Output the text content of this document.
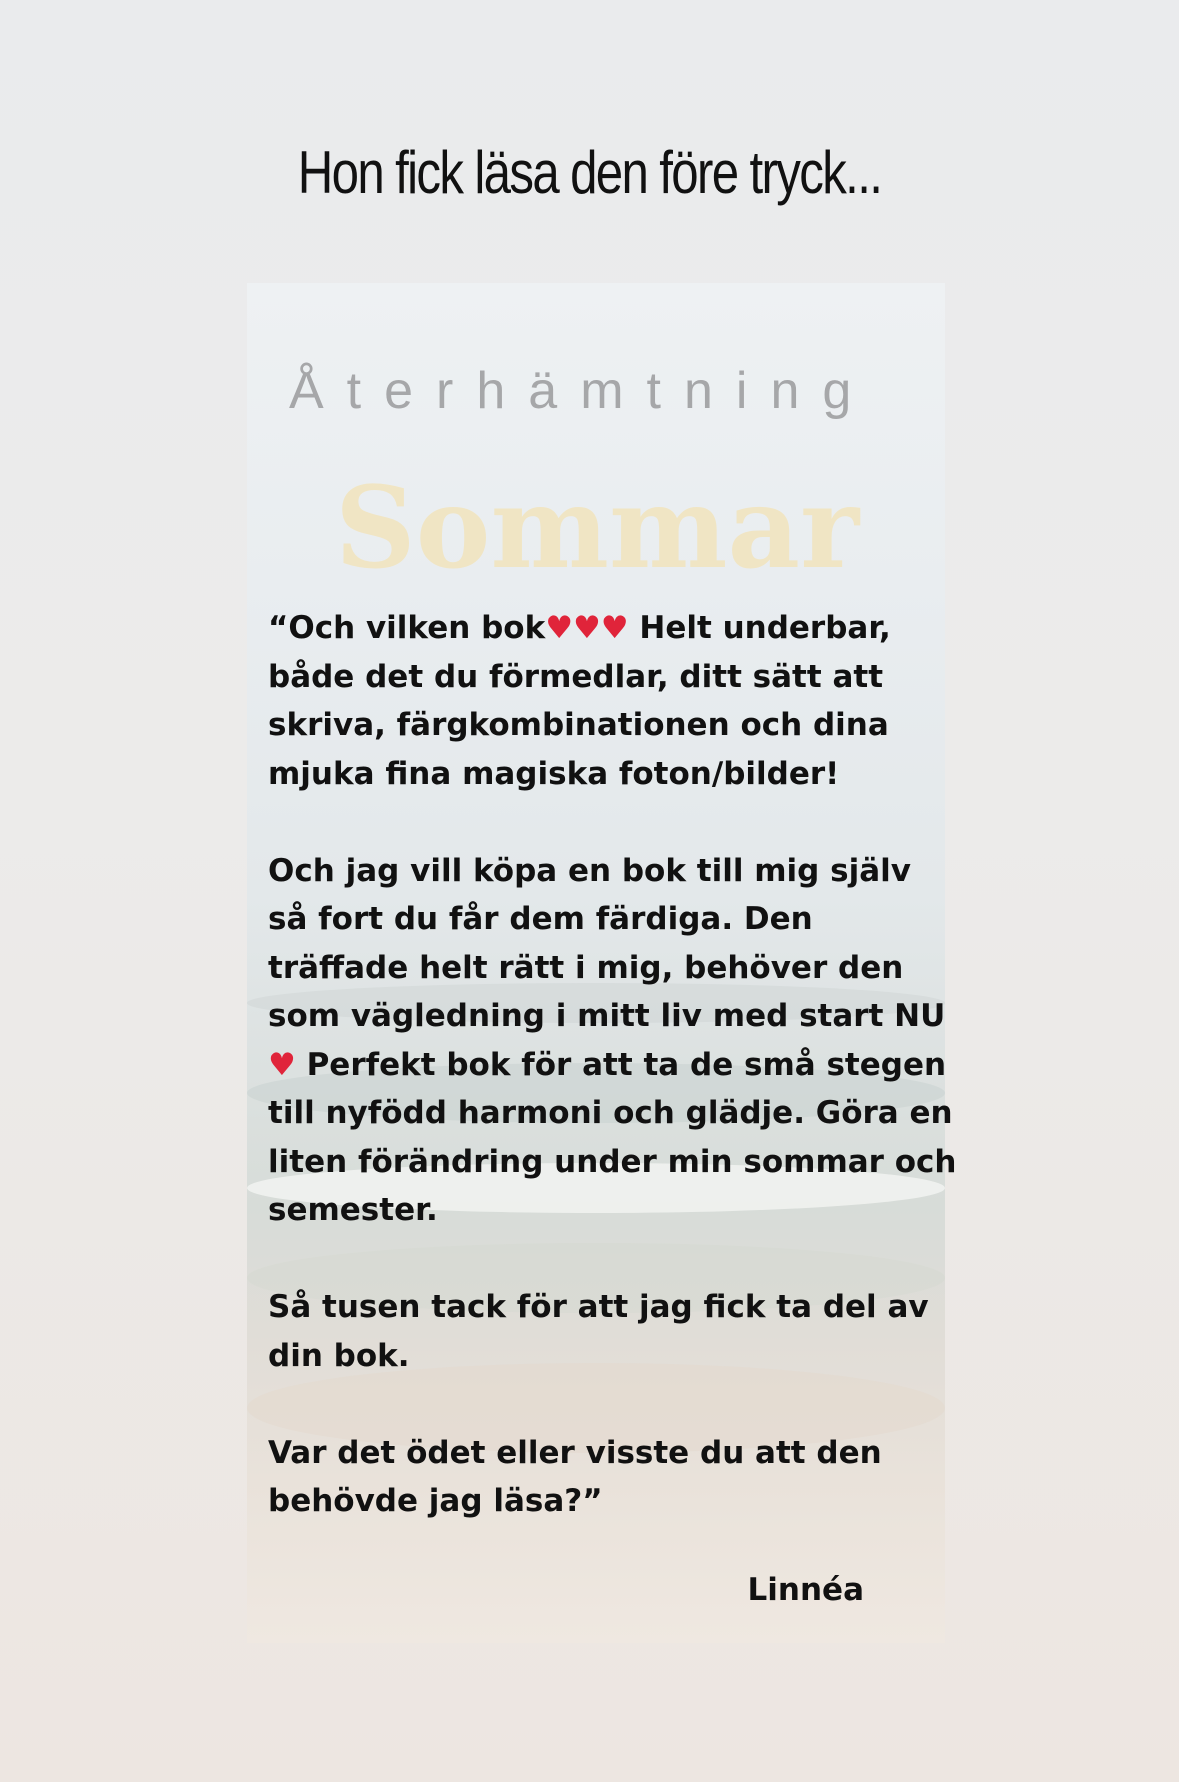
Hon fick läsa den före tryck...
Återhämtning
Sommar

“Och vilken bok♥♥♥ Helt underbar, både det du förmedlar, ditt sätt att skriva, färgkombinationen och dina mjuka fina magiska foton/bilder!

Och jag vill köpa en bok till mig själv så fort du får dem färdiga. Den träffade helt rätt i mig, behöver den som vägledning i mitt liv med start NU ♥ Perfekt bok för att ta de små stegen till nyfödd harmoni och glädje. Göra en liten förändring under min sommar och semester.

Så tusen tack för att jag fick ta del av din bok.

Var det ödet eller visste du att den behövde jag läsa?”

Linnéa
